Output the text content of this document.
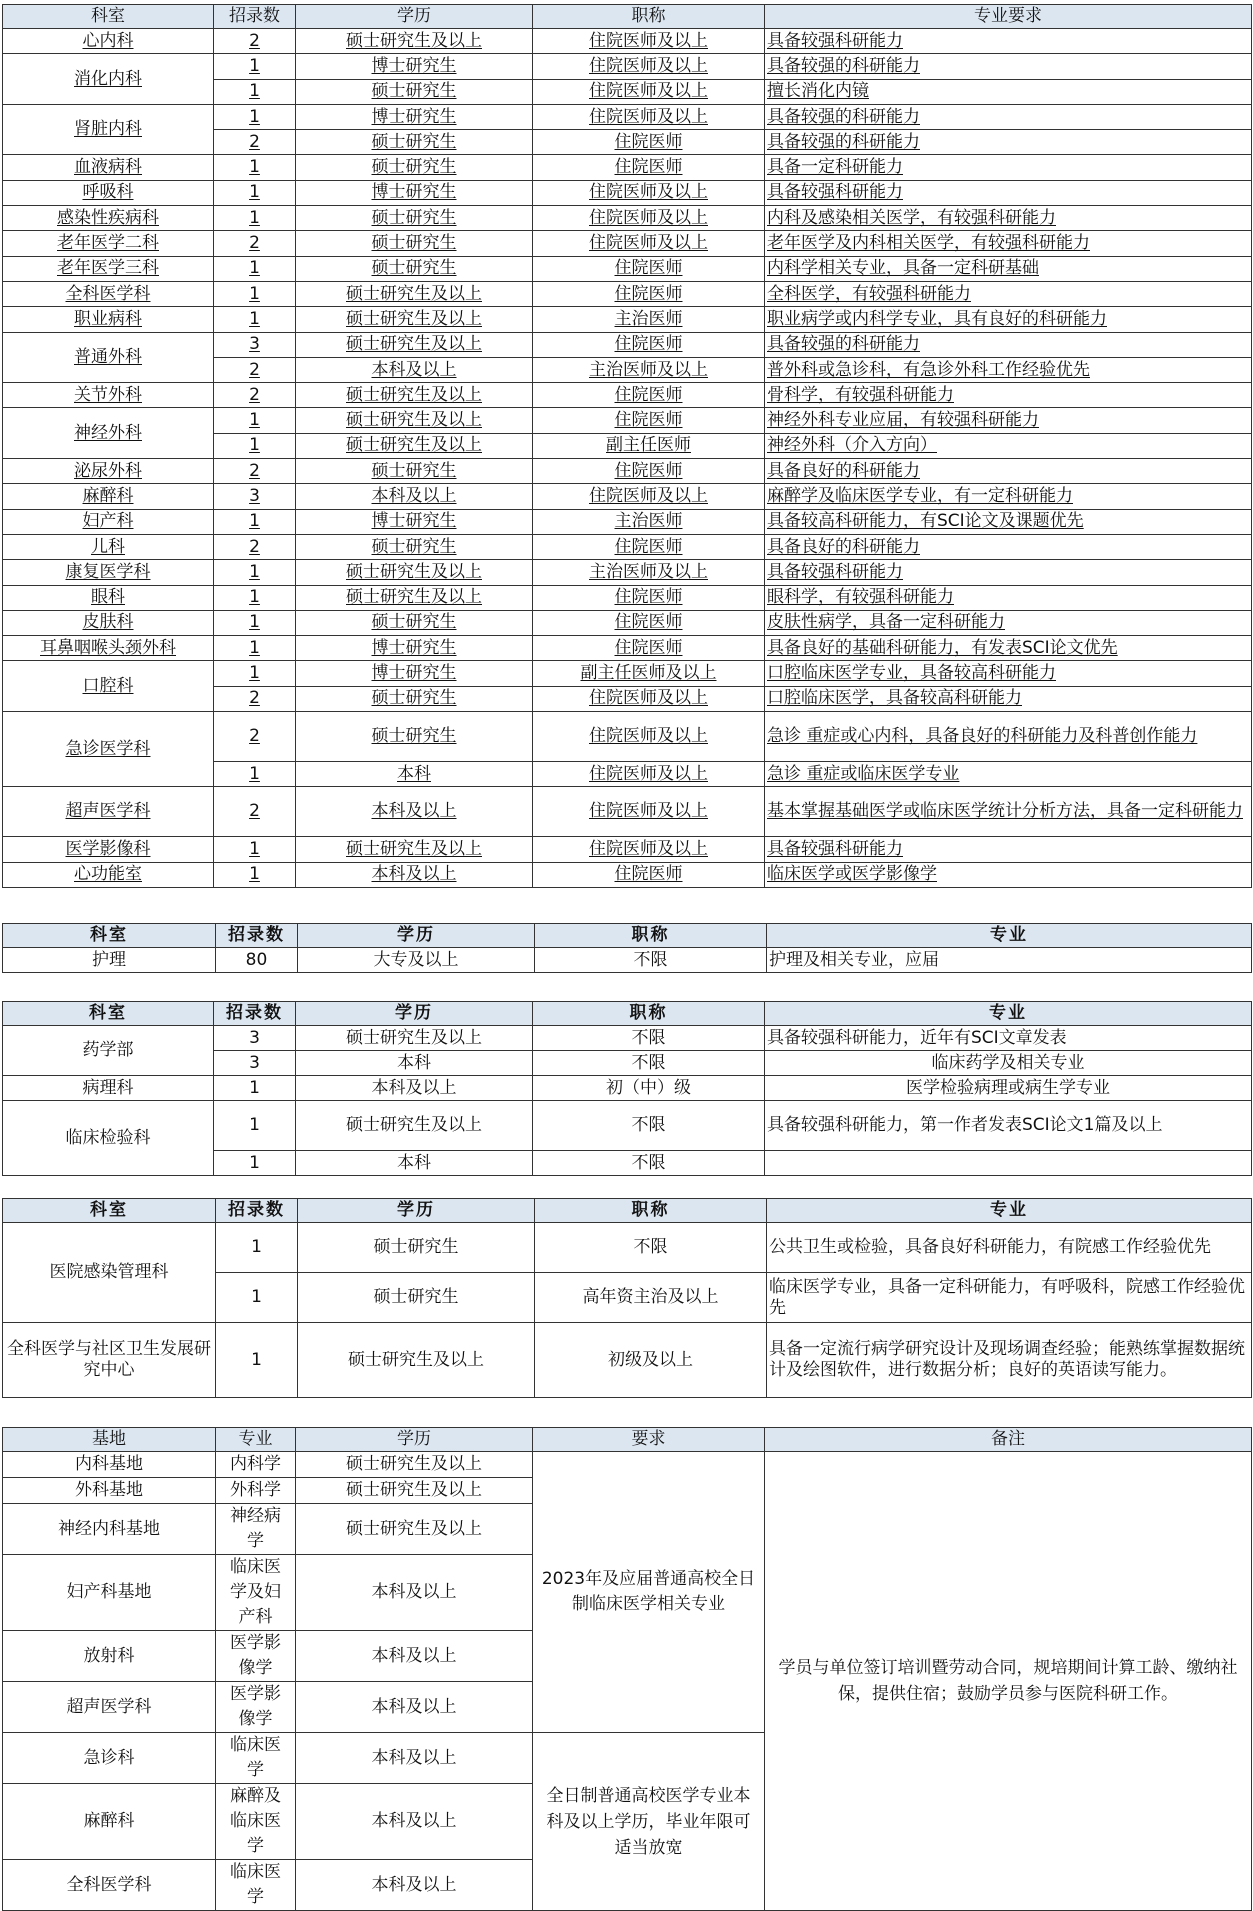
科室	招录数	学历	职称	专业要求
心内科	2	硕士研究生及以上	住院医师及以上	具备较强科研能力
消化内科	1	博士研究生	住院医师及以上	具备较强的科研能力
	1	硕士研究生	住院医师及以上	擅长消化内镜
肾脏内科	1	博士研究生	住院医师及以上	具备较强的科研能力
	2	硕士研究生	住院医师	具备较强的科研能力
血液病科	1	硕士研究生	住院医师	具备一定科研能力
呼吸科	1	博士研究生	住院医师及以上	具备较强科研能力
感染性疾病科	1	硕士研究生	住院医师及以上	内科及感染相关医学，有较强科研能力
老年医学二科	2	硕士研究生	住院医师及以上	老年医学及内科相关医学，有较强科研能力
老年医学三科	1	硕士研究生	住院医师	内科学相关专业，具备一定科研基础
全科医学科	1	硕士研究生及以上	住院医师	全科医学，有较强科研能力
职业病科	1	硕士研究生及以上	主治医师	职业病学或内科学专业，具有良好的科研能力
普通外科	3	硕士研究生及以上	住院医师	具备较强的科研能力
	2	本科及以上	主治医师及以上	普外科或急诊科，有急诊外科工作经验优先
关节外科	2	硕士研究生及以上	住院医师	骨科学，有较强科研能力
神经外科	1	硕士研究生及以上	住院医师	神经外科专业应届，有较强科研能力
	1	硕士研究生及以上	副主任医师	神经外科（介入方向）
泌尿外科	2	硕士研究生	住院医师	具备良好的科研能力
麻醉科	3	本科及以上	住院医师及以上	麻醉学及临床医学专业，有一定科研能力
妇产科	1	博士研究生	主治医师	具备较高科研能力，有SCI论文及课题优先
儿科	2	硕士研究生	住院医师	具备良好的科研能力
康复医学科	1	硕士研究生及以上	主治医师及以上	具备较强科研能力
眼科	1	硕士研究生及以上	住院医师	眼科学，有较强科研能力
皮肤科	1	硕士研究生	住院医师	皮肤性病学，具备一定科研能力
耳鼻咽喉头颈外科	1	博士研究生	住院医师	具备良好的基础科研能力，有发表SCI论文优先
口腔科	1	博士研究生	副主任医师及以上	口腔临床医学专业，具备较高科研能力
	2	硕士研究生	住院医师及以上	口腔临床医学，具备较高科研能力
急诊医学科	2	硕士研究生	住院医师及以上	急诊 重症或心内科，具备良好的科研能力及科普创作能力
	1	本科	住院医师及以上	急诊 重症或临床医学专业
超声医学科	2	本科及以上	住院医师及以上	基本掌握基础医学或临床医学统计分析方法，具备一定科研能力
医学影像科	1	硕士研究生及以上	住院医师及以上	具备较强科研能力
心功能室	1	本科及以上	住院医师	临床医学或医学影像学
科室	招录数	学历	职称	专业
护理	80	大专及以上	不限	护理及相关专业，应届
科室	招录数	学历	职称	专业
药学部	3	硕士研究生及以上	不限	具备较强科研能力，近年有SCI文章发表
	3	本科	不限	临床药学及相关专业
病理科	1	本科及以上	初（中）级	医学检验病理或病生学专业
临床检验科	1	硕士研究生及以上	不限	具备较强科研能力，第一作者发表SCI论文1篇及以上
	1	本科	不限	
科室	招录数	学历	职称	专业
医院感染管理科	1	硕士研究生	不限	公共卫生或检验，具备良好科研能力，有院感工作经验优先
	1	硕士研究生	高年资主治及以上	临床医学专业，具备一定科研能力，有呼吸科，院感工作经验优先
全科医学与社区卫生发展研究中心	1	硕士研究生及以上	初级及以上	具备一定流行病学研究设计及现场调查经验；能熟练掌握数据统计及绘图软件，进行数据分析；良好的英语读写能力。
基地	专业	学历	要求	备注
内科基地	内科学	硕士研究生及以上	2023年及应届普通高校全日制临床医学相关专业	学员与单位签订培训暨劳动合同，规培期间计算工龄、缴纳社保，提供住宿；鼓励学员参与医院科研工作。
外科基地	外科学	硕士研究生及以上		
神经内科基地	神经病学	硕士研究生及以上		
妇产科基地	临床医学及妇产科	本科及以上		
放射科	医学影像学	本科及以上		
超声医学科	医学影像学	本科及以上		
急诊科	临床医学	本科及以上	全日制普通高校医学专业本科及以上学历，毕业年限可适当放宽	
麻醉科	麻醉及临床医学	本科及以上		
全科医学科	临床医学	本科及以上		
